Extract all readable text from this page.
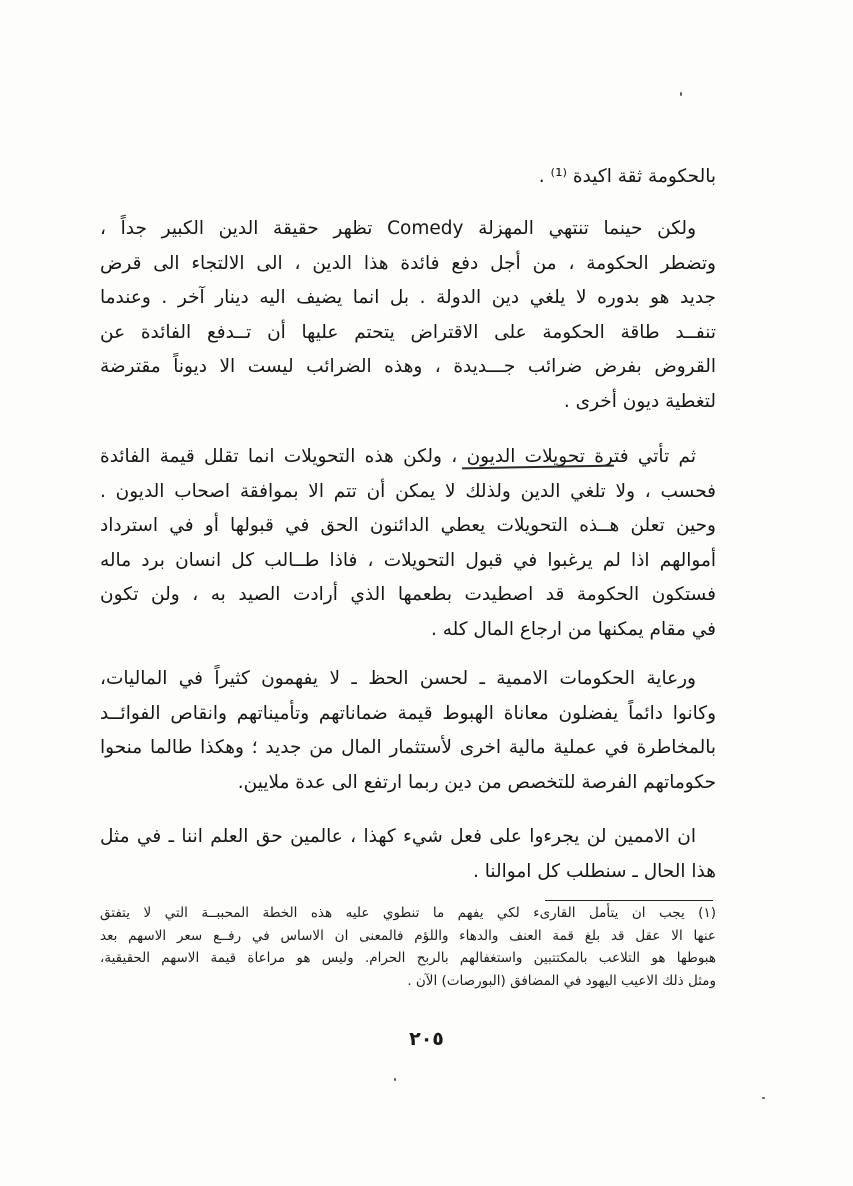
بالحكومة ثقة اكيدة ⁽¹⁾ .
ولكن حينما تنتهي المهزلة Comedy تظهر حقيقة الدين الكبير جداً ،
وتضطر الحكومة ، من أجل دفع فائدة هذا الدين ، الى الالتجاء الى قرض
جديد هو بدوره لا يلغي دين الدولة . بل انما يضيف اليه دينار آخر . وعندما
تنفــد طاقة الحكومة على الاقتراض يتحتم عليها أن تــدفع الفائدة عن
القروض بفرض ضرائب جـــديدة ، وهذه الضرائب ليست الا ديوناً مقترضة
لتغطية ديون أخرى .
ثم تأتي فترة تحويلات الديون ، ولكن هذه التحويلات انما تقلل قيمة الفائدة
فحسب ، ولا تلغي الدين ولذلك لا يمكن أن تتم الا بموافقة اصحاب الديون .
وحين تعلن هــذه التحويلات يعطي الدائنون الحق في قبولها أو في استرداد
أموالهم اذا لم يرغبوا في قبول التحويلات ، فاذا طــالب كل انسان برد ماله
فستكون الحكومة قد اصطيدت بطعمها الذي أرادت الصيد به ، ولن تكون
في مقام يمكنها من ارجاع المال كله .
ورعاية الحكومات الاممية ـ لحسن الحظ ـ لا يفهمون كثيراً في الماليات،
وكانوا دائماً يفضلون معاناة الهبوط قيمة ضماناتهم وتأميناتهم وانقاص الفوائــد
بالمخاطرة في عملية مالية اخرى لأستثمار المال من جديد ؛ وهكذا طالما منحوا
حكوماتهم الفرصة للتخصص من دين ربما ارتفع الى عدة ملايين.
ان الاممين لن يجرءوا على فعل شيء كهذا ، عالمين حق العلم اننا ـ في مثل
هذا الحال ـ سنطلب كل اموالنا .
(١) يجب ان يتأمل القارىء لكي يفهم ما تنطوي عليه هذه الخطة المحببــة التي لا يتفتق
عنها الا عقل قد بلغ قمة العنف والدهاء واللؤم فالمعنى ان الاساس في رفــع سعر الاسهم بعد
هبوطها هو التلاعب بالمكتتبين واستغفالهم بالربح الحرام. وليس هو مراعاة قيمة الاسهم الحقيقية،
ومثل ذلك الاعيب اليهود في المضافق (البورصات) الآن .
٢٠٥
